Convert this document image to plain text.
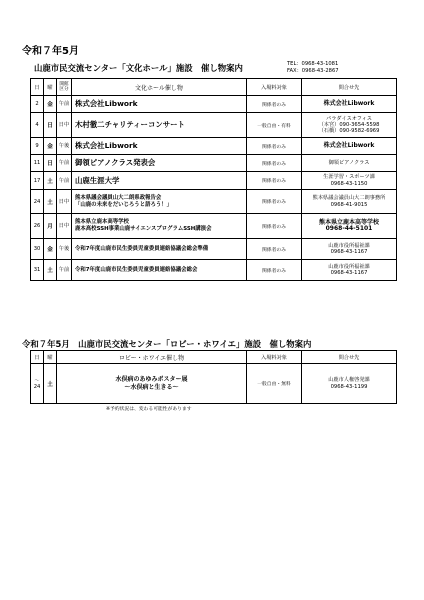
令和７年5月
山鹿市民交流センター「文化ホール」施設　催し物案内	TEL：0968-43-1081
FAX：0968-43-2867
日	曜	開館
区分	文化ホール催し物	入場料対象	問合せ先
2	金	午前	株式会社Libwork	関係者のみ	株式会社Libwork
4	日	日中	木村徹二チャリティーコンサート	一般自由・有料	パラダイスオフィス
（本宮）090-3654-5598
（石橋）090-9582-6969
9	金	午後	株式会社Libwork	関係者のみ	株式会社Libwork
11	日	午前	御領ピアノクラス発表会	関係者のみ	御領ピアノクラス
17	土	午前	山鹿生涯大学	関係者のみ	生涯学習・スポーツ課
0968-43-1150
24	土	日中	熊本県議会議員山大二朗県政報告会
「山鹿の未来をだいじろうと語ろう！」	関係者のみ	熊本県議会議員山大二朗事務所
0968-41-9015
26	月	日中	熊本県立鹿本高等学校
鹿本高校SSH事業山鹿サイエンスプログラムSSH講演会	関係者のみ	熊本県立鹿本高等学校
0968-44-5101
30	金	午後	令和7年度山鹿市民生委員児童委員連絡協議会総会準備	関係者のみ	山鹿市役所福祉課
0968-43-1167
31	土	午前	令和7年度山鹿市民生委員児童委員連絡協議会総会	関係者のみ	山鹿市役所福祉課
0968-43-1167
令和７年5月　山鹿市民交流センター「ロビー・ホワイエ」施設　催し物案内
日	曜	ロビー・ホワイエ催し物	入場料対象	問合せ先
～
24	土	水俣病のあゆみポスター展
～水俣病と生きる～	一般自由・無料	山鹿市人権啓発課
0968-43-1199
※予約状況は、変わる可能性があります
